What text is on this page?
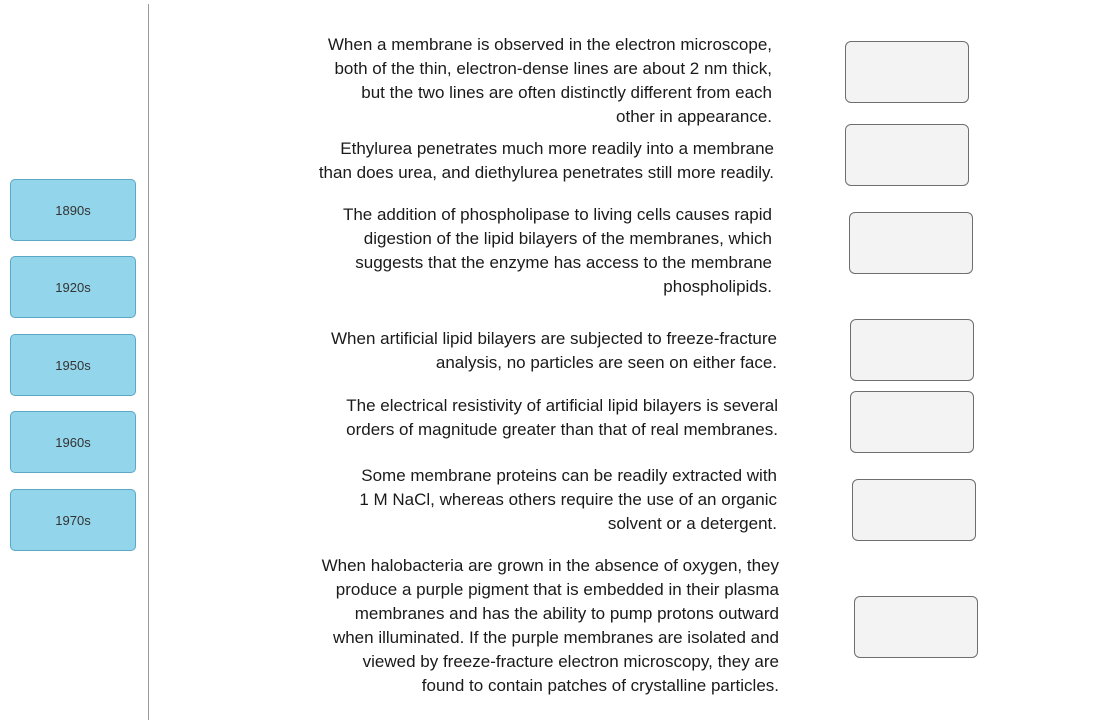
1890s
1920s
1950s
1960s
1970s
When a membrane is observed in the electron microscope,
both of the thin, electron-dense lines are about 2 nm thick,
but the two lines are often distinctly different from each
other in appearance.
Ethylurea penetrates much more readily into a membrane
than does urea, and diethylurea penetrates still more readily.
The addition of phospholipase to living cells causes rapid
digestion of the lipid bilayers of the membranes, which
suggests that the enzyme has access to the membrane
phospholipids.
When artificial lipid bilayers are subjected to freeze-fracture
analysis, no particles are seen on either face.
The electrical resistivity of artificial lipid bilayers is several
orders of magnitude greater than that of real membranes.
Some membrane proteins can be readily extracted with
1 M NaCl, whereas others require the use of an organic
solvent or a detergent.
When halobacteria are grown in the absence of oxygen, they
produce a purple pigment that is embedded in their plasma
membranes and has the ability to pump protons outward
when illuminated. If the purple membranes are isolated and
viewed by freeze-fracture electron microscopy, they are
found to contain patches of crystalline particles.
